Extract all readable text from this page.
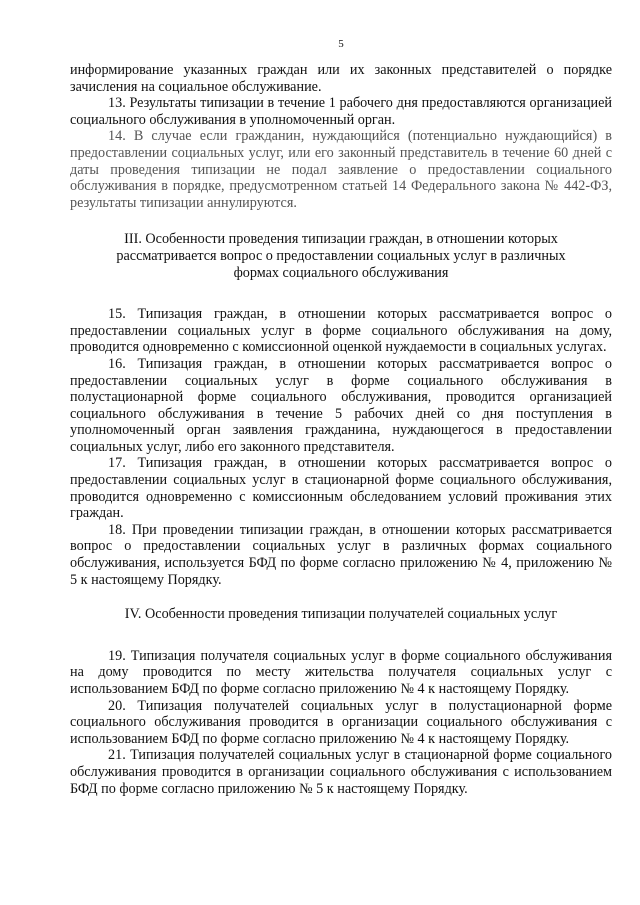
5

информирование указанных граждан или их законных представителей о порядке зачисления на социальное обслуживание.

13. Результаты типизации в течение 1 рабочего дня предоставляются организацией социального обслуживания в уполномоченный орган.

14. В случае если гражданин, нуждающийся (потенциально нуждающийся) в предоставлении социальных услуг, или его законный представитель в течение 60 дней с даты проведения типизации не подал заявление о предоставлении социального обслуживания в порядке, предусмотренном статьей 14 Федерального закона № 442-ФЗ, результаты типизации аннулируются.

III. Особенности проведения типизации граждан, в отношении которых рассматривается вопрос о предоставлении социальных услуг в различных формах социального обслуживания

15. Типизация граждан, в отношении которых рассматривается вопрос о предоставлении социальных услуг в форме социального обслуживания на дому, проводится одновременно с комиссионной оценкой нуждаемости в социальных услугах.

16. Типизация граждан, в отношении которых рассматривается вопрос о предоставлении социальных услуг в форме социального обслуживания в полустационарной форме социального обслуживания, проводится организацией социального обслуживания в течение 5 рабочих дней со дня поступления в уполномоченный орган заявления гражданина, нуждающегося в предоставлении социальных услуг, либо его законного представителя.

17. Типизация граждан, в отношении которых рассматривается вопрос о предоставлении социальных услуг в стационарной форме социального обслуживания, проводится одновременно с комиссионным обследованием условий проживания этих граждан.

18. При проведении типизации граждан, в отношении которых рассматривается вопрос о предоставлении социальных услуг в различных формах социального обслуживания, используется БФД по форме согласно приложению № 4, приложению № 5 к настоящему Порядку.

IV. Особенности проведения типизации получателей социальных услуг

19. Типизация получателя социальных услуг в форме социального обслуживания на дому проводится по месту жительства получателя социальных услуг с использованием БФД по форме согласно приложению № 4 к настоящему Порядку.

20. Типизация получателей социальных услуг в полустационарной форме социального обслуживания проводится в организации социального обслуживания с использованием БФД по форме согласно приложению № 4 к настоящему Порядку.

21. Типизация получателей социальных услуг в стационарной форме социального обслуживания проводится в организации социального обслуживания с использованием БФД по форме согласно приложению № 5 к настоящему Порядку.
